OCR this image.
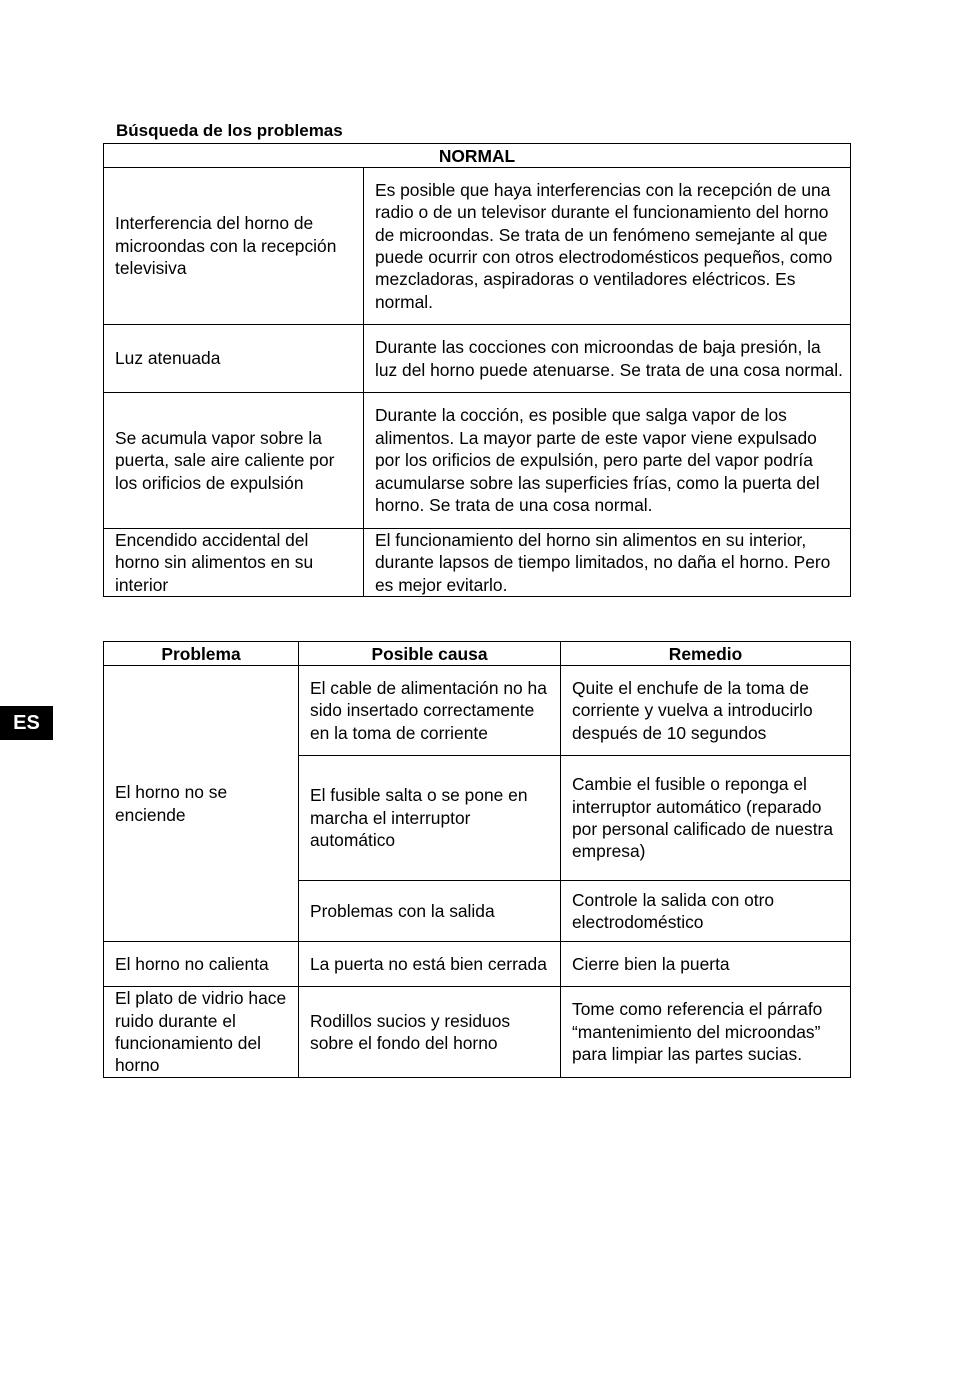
Búsqueda de los problemas
NORMAL	
Interferencia del horno de microondas con la recepción televisiva	Es posible que haya interferencias con la recepción de una radio o de un televisor durante el funcionamiento del horno de microondas. Se trata de un fenómeno semejante al que puede ocurrir con otros electrodomésticos pequeños, como mezcladoras, aspiradoras o ventiladores eléctricos. Es normal.
Luz atenuada	Durante las cocciones con microondas de baja presión, la luz del horno puede atenuarse. Se trata de una cosa normal.
Se acumula vapor sobre la puerta, sale aire caliente por los orificios de expulsión	Durante la cocción, es posible que salga vapor de los alimentos. La mayor parte de este vapor viene expulsado por los orificios de expulsión, pero parte del vapor podría acumularse sobre las superficies frías, como la puerta del horno. Se trata de una cosa normal.
Encendido accidental del horno sin alimentos en su interior	El funcionamiento del horno sin alimentos en su interior, durante lapsos de tiempo limitados, no daña el horno. Pero es mejor evitarlo.
Problema	Posible causa	Remedio
El horno no se enciende	El cable de alimentación no ha sido insertado correctamente en la toma de corriente	Quite el enchufe de la toma de corriente y vuelva a introducirlo después de 10 segundos
	El fusible salta o se pone en marcha el interruptor automático	Cambie el fusible o reponga el interruptor automático (reparado por personal calificado de nuestra empresa)
	Problemas con la salida	Controle la salida con otro electrodoméstico
El horno no calienta	La puerta no está bien cerrada	Cierre bien la puerta
El plato de vidrio hace ruido durante el funcionamiento del horno	Rodillos sucios y residuos sobre el fondo del horno	Tome como referencia el párrafo “mantenimiento del microondas” para limpiar las partes sucias.
ES
